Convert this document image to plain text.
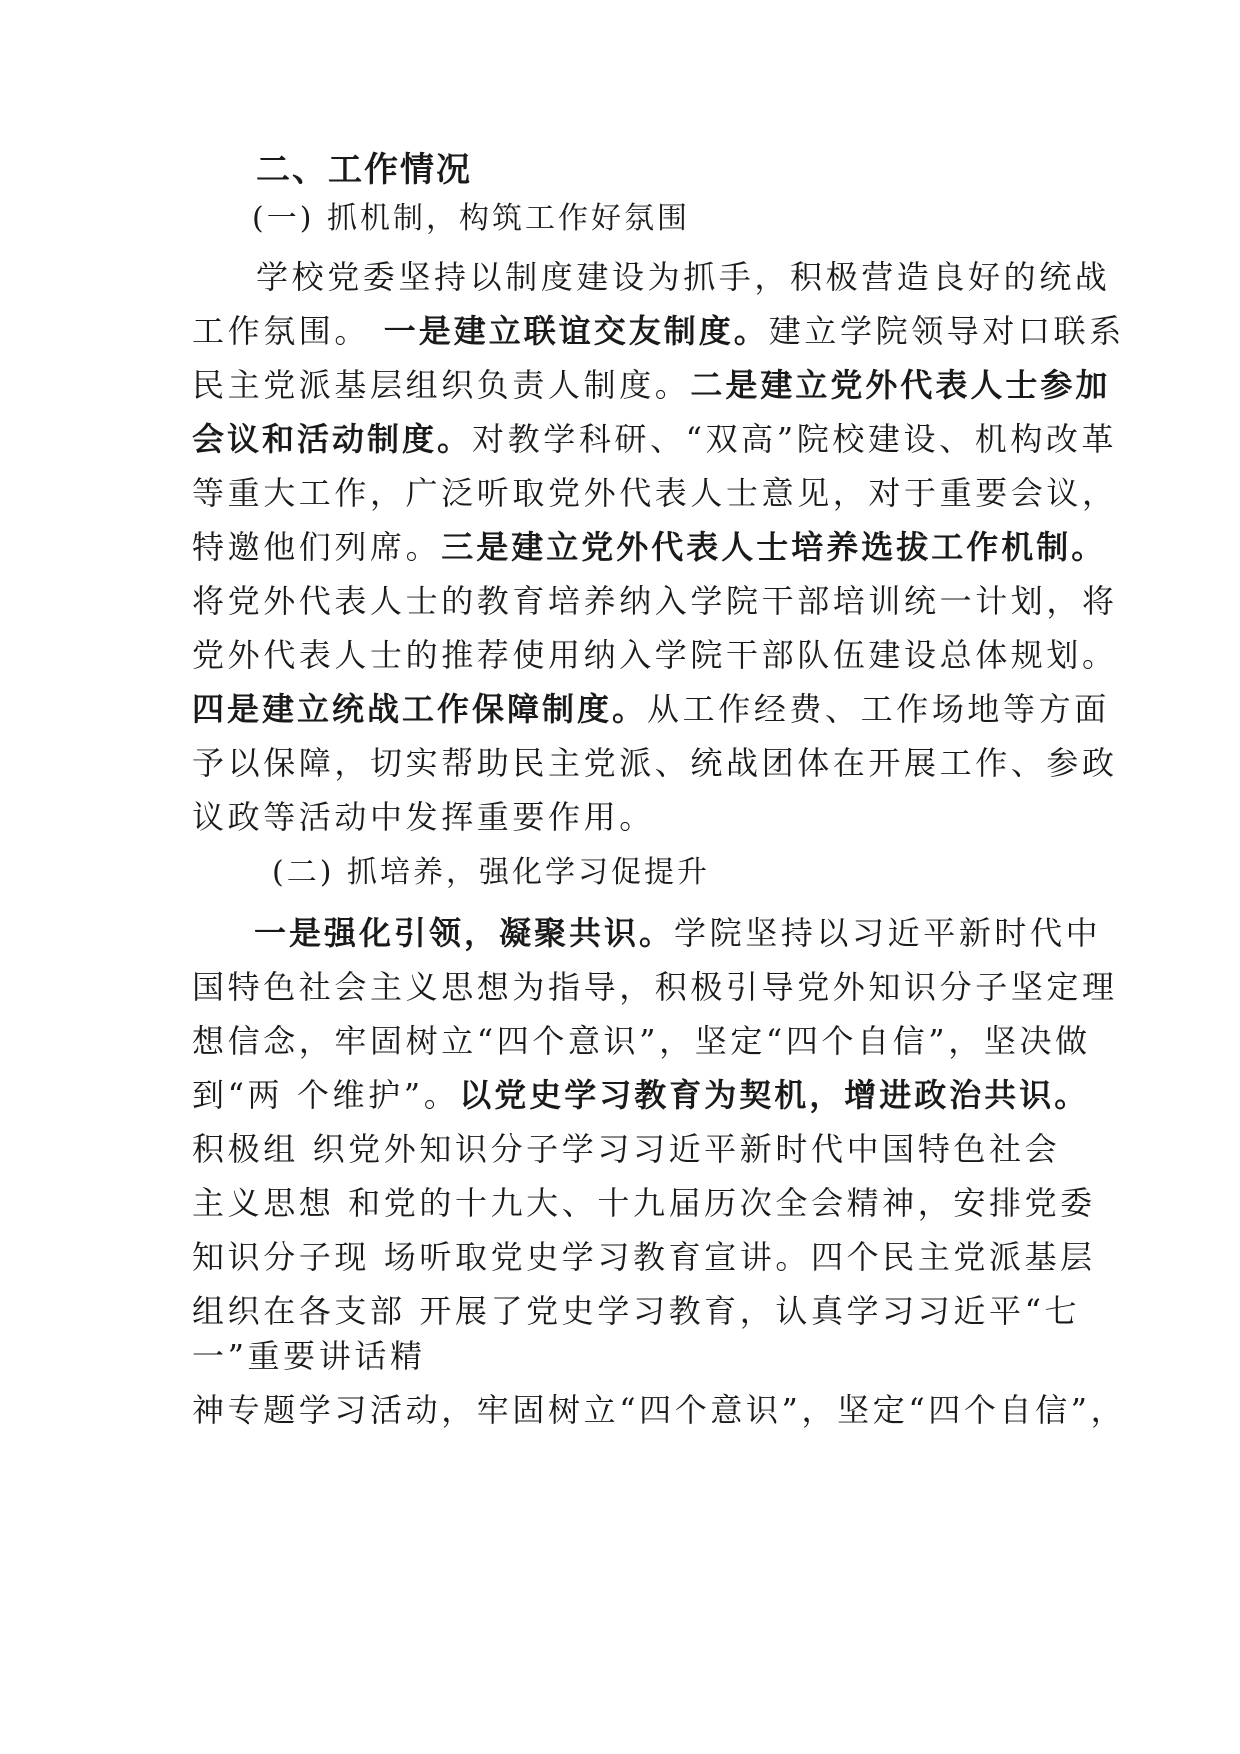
二、工作情况
(一) 抓机制，构筑工作好氛围
学校党委坚持以制度建设为抓手，积极营造良好的统战
工作氛围。 一是建立联谊交友制度。建立学院领导对口联系
民主党派基层组织负责人制度。二是建立党外代表人士参加
会议和活动制度。对教学科研、“双高”院校建设、机构改革
等重大工作，广泛听取党外代表人士意见，对于重要会议，
特邀他们列席。三是建立党外代表人士培养选拔工作机制。
将党外代表人士的教育培养纳入学院干部培训统一计划，将
党外代表人士的推荐使用纳入学院干部队伍建设总体规划。
四是建立统战工作保障制度。从工作经费、工作场地等方面
予以保障，切实帮助民主党派、统战团体在开展工作、参政
议政等活动中发挥重要作用。
(二) 抓培养，强化学习促提升
一是强化引领，凝聚共识。学院坚持以习近平新时代中
国特色社会主义思想为指导，积极引导党外知识分子坚定理
想信念，牢固树立“四个意识”，坚定“四个自信”，坚决做
到“两 个维护”。以党史学习教育为契机，增进政治共识。
积极组 织党外知识分子学习习近平新时代中国特色社会
主义思想 和党的十九大、十九届历次全会精神，安排党委
知识分子现 场听取党史学习教育宣讲。四个民主党派基层
组织在各支部 开展了党史学习教育，认真学习习近平“七
一”重要讲话精
神专题学习活动，牢固树立“四个意识”，坚定“四个自信”，
